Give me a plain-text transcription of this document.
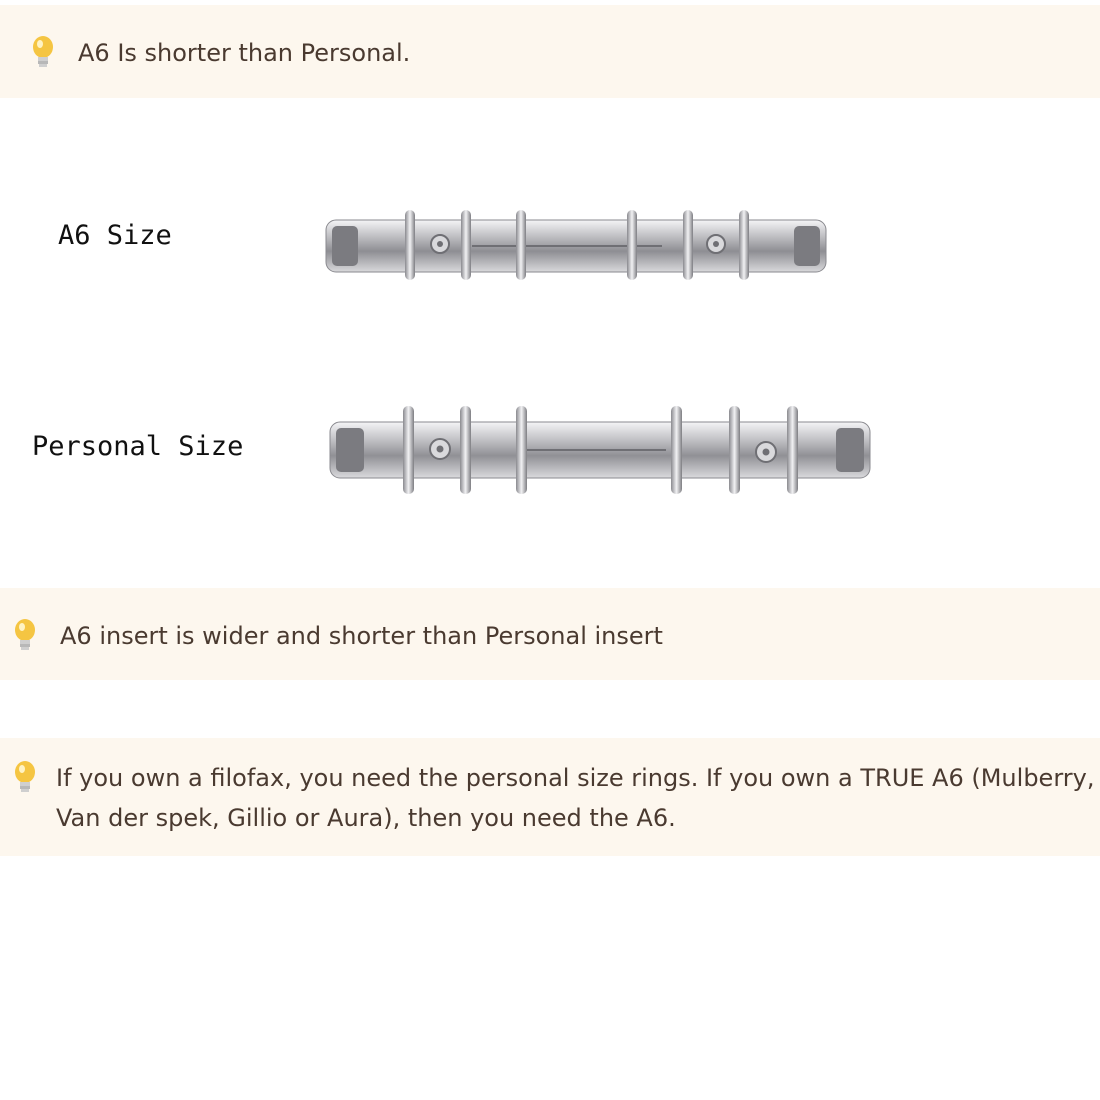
A6 Is shorter than Personal.
A6 Size
Personal Size
A6 insert is wider and shorter than Personal insert
If you own a filofax, you need the personal size rings. If you own a TRUE A6 (Mulberry, Van der spek, Gillio or Aura), then you need the A6.
